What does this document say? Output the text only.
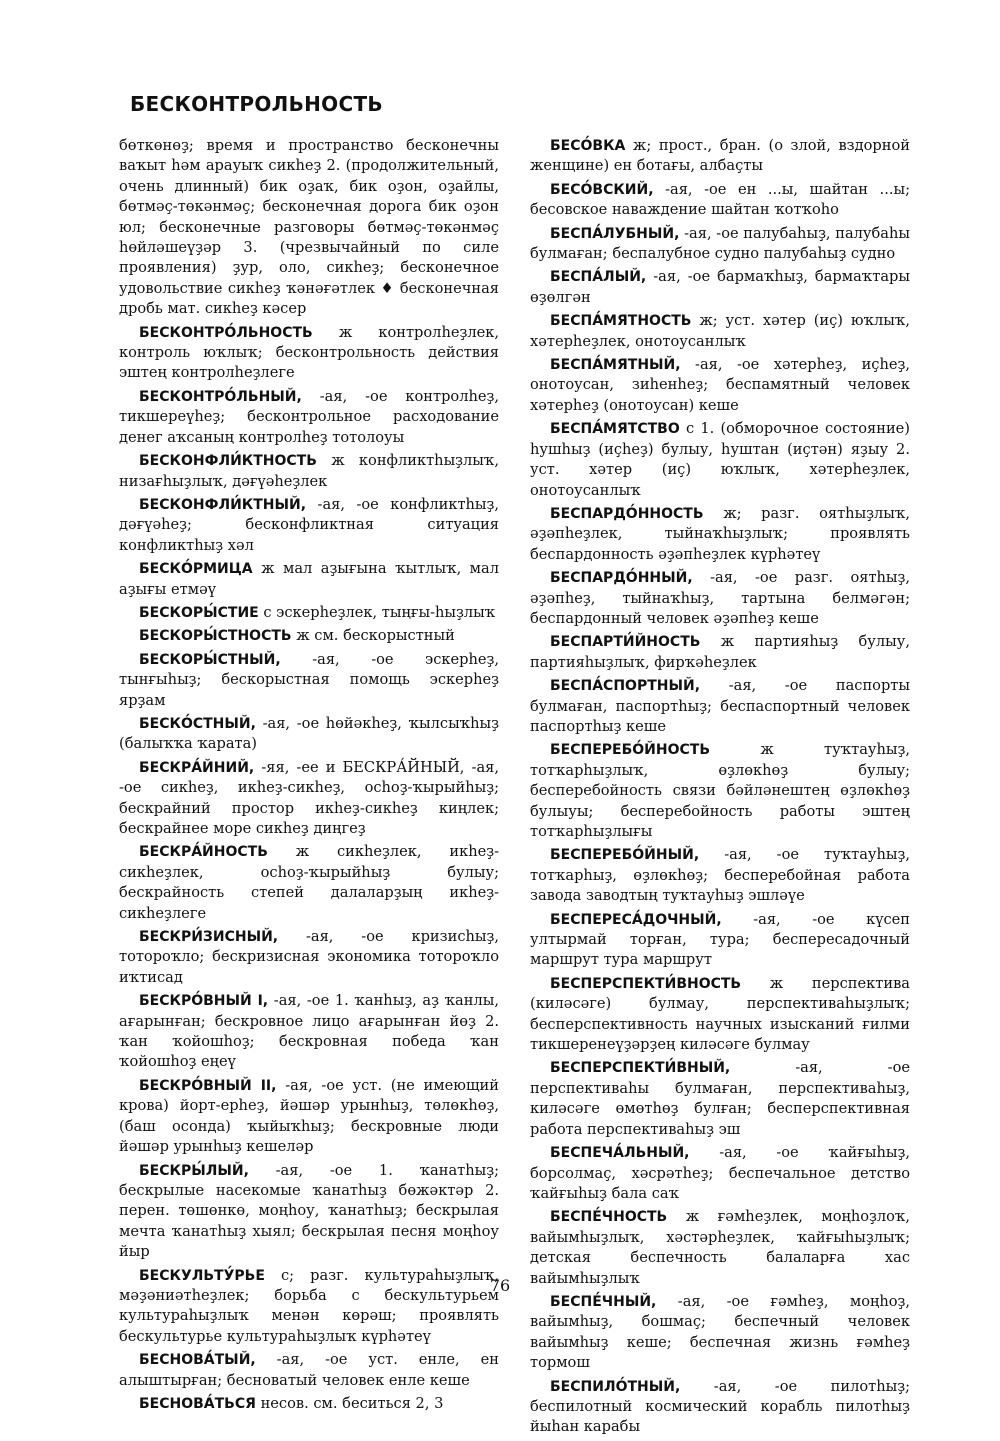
БЕСКОНТРОЛЬНОСТЬ

бөткөнөҙ; время и пространство бесконечны ваҡыт һәм арауыҡ сикһеҙ 2. (продолжительный, очень длинный) бик оҙаҡ, бик оҙон, оҙайлы, бөтмәҫ-төкәнмәҫ; бесконечная дорога бик оҙон юл; бесконечные разговоры бөтмәҫ-төкәнмәҫ һөйләшеүҙәр 3. (чрезвычайный по силе проявления) ҙур, оло, сикһеҙ; бесконечное удовольствие сикһеҙ ҡәнәғәтлек ♦ бесконечная дробь мат. сикһеҙ кәсер

БЕСКОНТРО́ЛЬНОСТЬ ж контролһеҙлек, контроль юҡлыҡ; бесконтрольность действия эштең контролһеҙлеге

БЕСКОНТРО́ЛЬНЫЙ, -ая, -ое контролһеҙ, тикшереүһеҙ; бесконтрольное расходование денег аҡсаның контролһеҙ тотолоуы

БЕСКОНФЛИ́КТНОСТЬ ж конфликтһыҙлыҡ, низағһыҙлыҡ, дәғүәһеҙлек

БЕСКОНФЛИ́КТНЫЙ, -ая, -ое конфликтһыҙ, дәғүәһеҙ; бесконфликтная ситуация конфликтһыҙ хәл

БЕСКО́РМИЦА ж мал аҙығына ҡытлыҡ, мал аҙығы етмәү

БЕСКОРЫ́СТИЕ с эскерһеҙлек, тыңғы-һыҙлыҡ

БЕСКОРЫ́СТНОСТЬ ж см. бескорыстный

БЕСКОРЫ́СТНЫЙ, -ая, -ое эскерһеҙ, тынғыһыҙ; бескорыстная помощь эскерһеҙ ярҙам

БЕСКО́СТНЫЙ, -ая, -ое һөйәкһеҙ, ҡылсыҡһыҙ (балыҡҡа ҡарата)

БЕСКРА́ЙНИЙ, -яя, -ее и БЕСКРА́ЙНЫЙ, -ая, -ое сикһеҙ, икһеҙ-сикһеҙ, осһоҙ-ҡырыйһыҙ; бескрайний простор икһеҙ-сикһеҙ киңлек; бескрайнее море сикһеҙ диңгеҙ

БЕСКРА́ЙНОСТЬ ж сикһеҙлек, икһеҙ-сикһеҙлек, осһоҙ-ҡырыйһыҙ булыу; бескрайность степей далаларҙың икһеҙ-сикһеҙлеге

БЕСКРИ́ЗИСНЫЙ, -ая, -ое кризисһыҙ, тотороҡло; бескризисная экономика тотороҡло иҡтисад

БЕСКРО́ВНЫЙ I, -ая, -ое 1. ҡанһыҙ, аҙ ҡанлы, ағарынған; бескровное лицо ағарынған йөҙ 2. ҡан ҡойошһоҙ; бескровная победа ҡан ҡойошһоҙ еңеү

БЕСКРО́ВНЫЙ II, -ая, -ое уст. (не имеющий крова) йорт-ерһеҙ, йәшәр урынһыҙ, төлөкһөҙ, (баш осонда) ҡыйыҡһыҙ; бескровные люди йәшәр урынһыҙ кешеләр

БЕСКРЫ́ЛЫЙ, -ая, -ое 1. ҡанатһыҙ; бескрылые насекомые ҡанатһыҙ бөжәктәр 2. перен. төшөнкө, моңһоу, ҡанатһыҙ; бескрылая мечта ҡанатһыҙ хыял; бескрылая песня моңһоу йыр

БЕСКУЛЬТУ́РЬЕ с; разг. культураһыҙлыҡ, мәҙәниәтһеҙлек; борьба с бескультурьем культураһыҙлыҡ менән көрәш; проявлять бескультурье культураһыҙлыҡ күрһәтеү

БЕСНОВА́ТЫЙ, -ая, -ое уст. енле, ен алыштырған; бесноватый человек енле кеше

БЕСНОВА́ТЬСЯ несов. см. беситься 2, 3

БЕСО́ВКА ж; прост., бран. (о злой, вздорной женщине) ен ботағы, албаҫты

БЕСО́ВСКИЙ, -ая, -ое ен ...ы, шайтан ...ы; бесовское наваждение шайтан ҡотҡоһо

БЕСПА́ЛУБНЫЙ, -ая, -ое палубаһыҙ, палубаһы булмаған; беспалубное судно палубаһыҙ судно

БЕСПА́ЛЫЙ, -ая, -ое бармаҡһыҙ, бармаҡтары өҙөлгән

БЕСПА́МЯТНОСТЬ ж; уст. хәтер (иҫ) юҡлыҡ, хәтерһеҙлек, онотоусанлыҡ

БЕСПА́МЯТНЫЙ, -ая, -ое хәтерһеҙ, иҫһеҙ, онотоусан, зиһенһеҙ; беспамятный человек хәтерһеҙ (онотоусан) кеше

БЕСПА́МЯТСТВО с 1. (обморочное состояние) һушһыҙ (иҫһеҙ) булыу, һуштан (иҫтән) яҙыу 2. уст. хәтер (иҫ) юҡлыҡ, хәтерһеҙлек, онотоусанлыҡ

БЕСПАРДО́ННОСТЬ ж; разг. оятһыҙлыҡ, әҙәпһеҙлек, тыйнаҡһыҙлыҡ; проявлять беспардонность әҙәпһеҙлек күрһәтеү

БЕСПАРДО́ННЫЙ, -ая, -ое разг. оятһыҙ, әҙәпһеҙ, тыйнаҡһыҙ, тартына белмәгән; беспардонный человек әҙәпһеҙ кеше

БЕСПАРТИ́ЙНОСТЬ ж партияһыҙ булыу, партияһыҙлыҡ, фирҡәһеҙлек

БЕСПА́СПОРТНЫЙ, -ая, -ое паспорты булмаған, паспортһыҙ; беспаспортный человек паспортһыҙ кеше

БЕСПЕРЕБО́ЙНОСТЬ	ж туҡтауһыҙ, тотҡарһыҙлыҡ, өҙлөкһөҙ булыу; бесперебойность связи бәйләнештең өҙлөкһөҙ булыуы; бесперебойность работы эштең тотҡарһыҙлығы

БЕСПЕРЕБО́ЙНЫЙ, -ая, -ое туҡтауһыҙ, тотҡарһыҙ, өҙлөкһөҙ; бесперебойная работа завода заводтың туҡтауһыҙ эшләүе

БЕСПЕРЕСА́ДОЧНЫЙ, -ая, -ое күсеп ултырмай торған, тура; беспересадочный маршрут тура маршрут

БЕСПЕРСПЕКТИ́ВНОСТЬ ж перспектива (киләсәге) булмау, перспективаһыҙлыҡ; бесперспективность научных изысканий ғилми тикшеренеүҙәрҙең киләсәге булмау

БЕСПЕРСПЕКТИ́ВНЫЙ,	-ая, -ое перспективаһы булмаған, перспективаһыҙ, киләсәге өмөтһөҙ булған; бесперспективная работа перспективаһыҙ эш

БЕСПЕЧА́ЛЬНЫЙ, -ая, -ое ҡайғыһыҙ, борсолмаҫ, хәсрәтһеҙ; беспечальное детство ҡайғыһыҙ бала саҡ

БЕСПЕ́ЧНОСТЬ ж ғәмһеҙлек, моңһоҙлоҡ, вайымһыҙлыҡ, хәстәрһеҙлек, ҡайғыһыҙлыҡ; детская беспечность балаларға хас вайымһыҙлыҡ

БЕСПЕ́ЧНЫЙ, -ая, -ое ғәмһеҙ, моңһоҙ, вайымһыҙ, бошмаҫ; беспечный человек вайымһыҙ кеше; беспечная жизнь ғәмһеҙ тормош

БЕСПИЛО́ТНЫЙ, -ая, -ое пилотһыҙ; беспилотный космический корабль пилотһыҙ йыһан карабы

76
